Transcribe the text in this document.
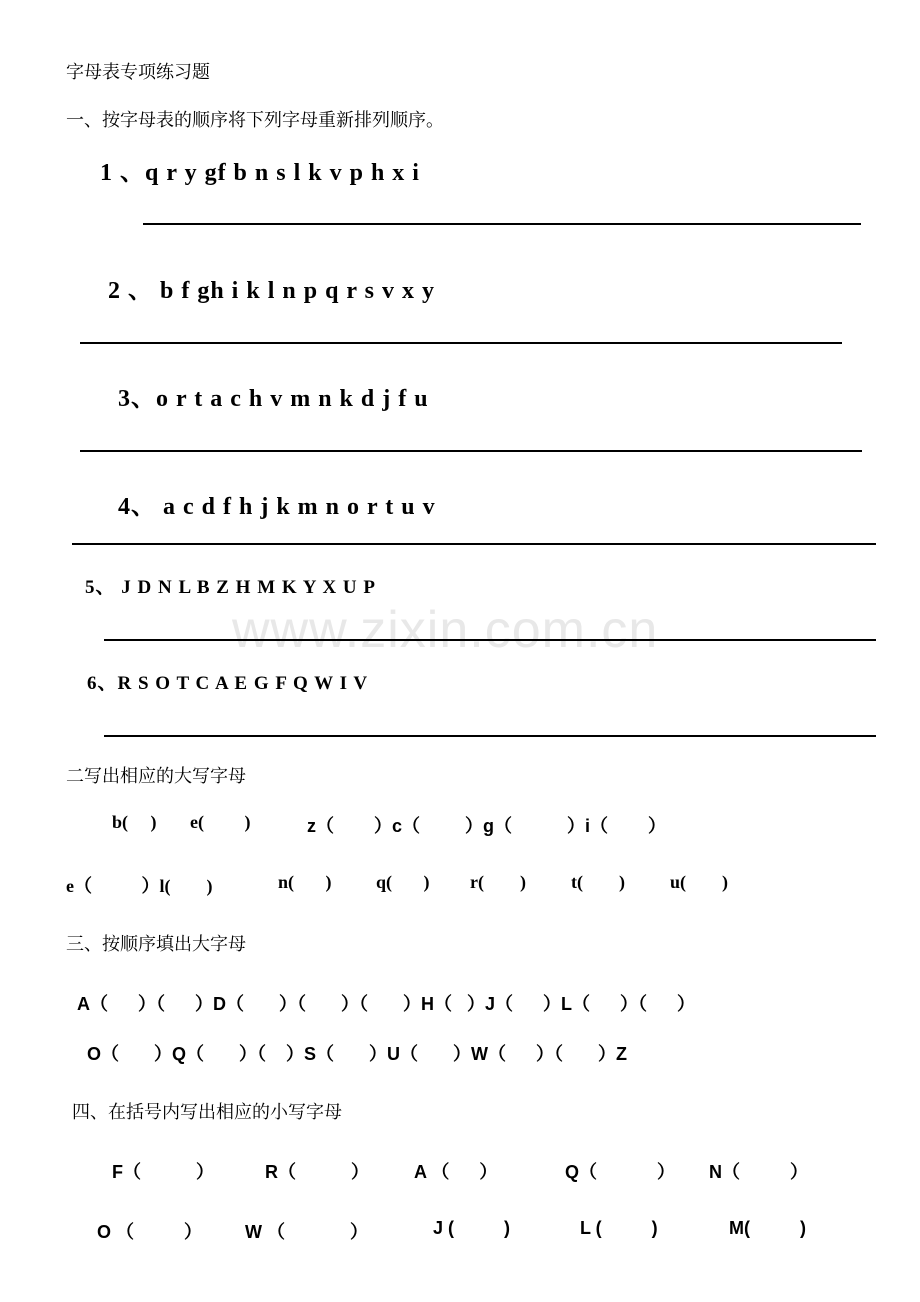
www.zixin.com.cn
字母表专项练习题
一、按字母表的顺序将下列字母重新排列顺序。
1 、q r y gf b n s l k v p h x i
2 、 b f gh i k l n p q r s v x y
3、o r t a c h v m n k d j f u
4、 a c d f h j k m n o r t u v
5、 J D N L B Z H M K Y X U P
6、R S O T C A E G F Q W I V
二写出相应的大写字母
b(     ) e(         )	z（        ）c（         ）g（           ）i（        ）
e（           ）l(        )	n(       ) q(       ) r(        )	t(        )	u(        )
三、按顺序填出大字母
A（      ）（      ）D（       ）（       ）（       ）H（   ）J（      ）L（      ）（      ）
O（       ）Q（       ）（    ）S（       ）U（       ）W（      ）（       ）Z
四、在括号内写出相应的小写字母
F（           ）	R（           ） A （      ）	Q（            ） N（          ）
O （          ） W （             ）	J (          )	L (          )	M(          )
